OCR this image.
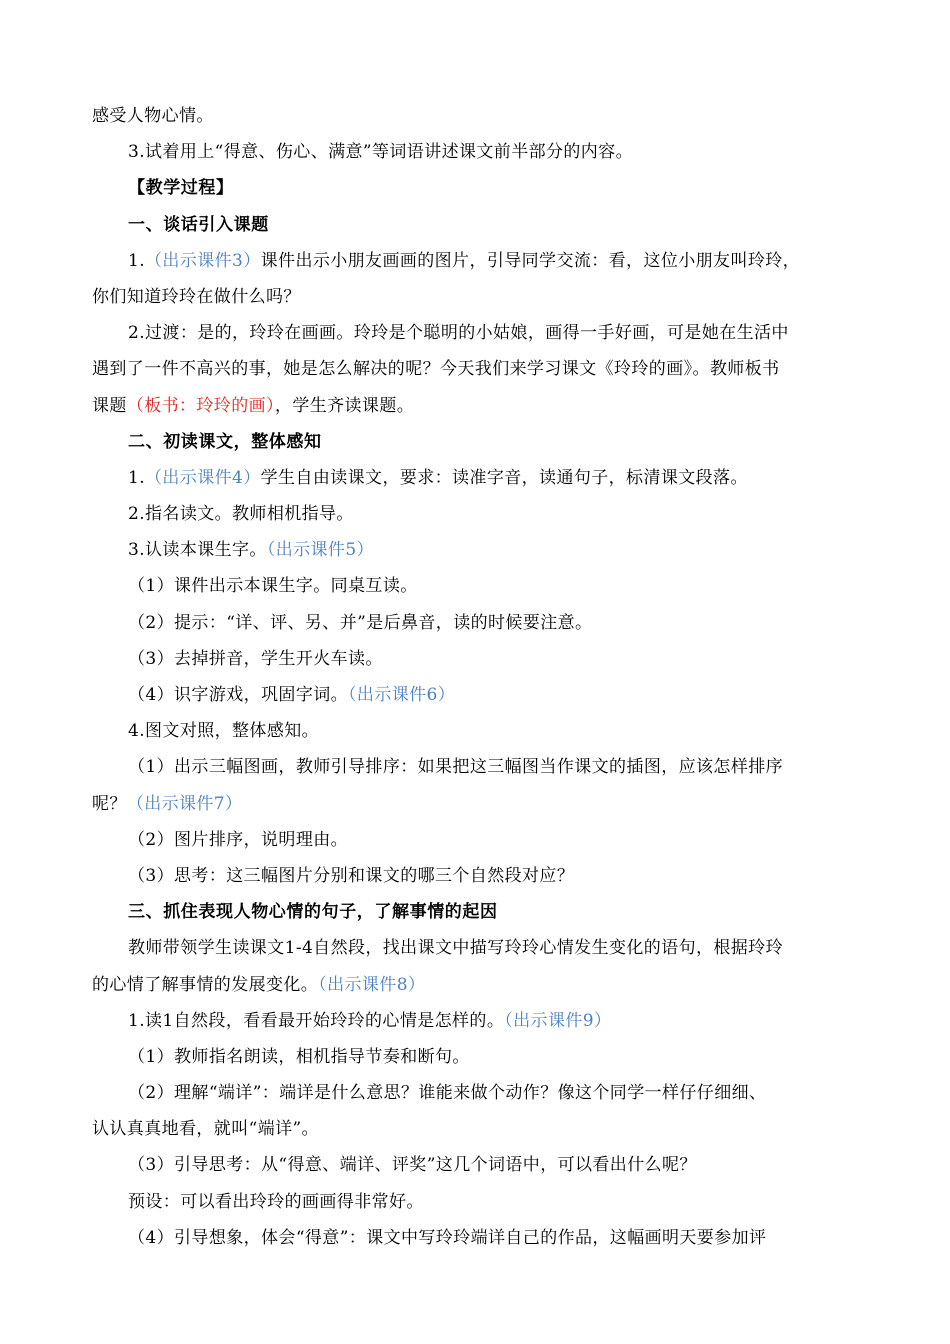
感受人物心情。
3.试着用上“得意、伤心、满意”等词语讲述课文前半部分的内容。
【教学过程】
一、谈话引入课题
1.（出示课件3）课件出示小朋友画画的图片，引导同学交流：看，这位小朋友叫玲玲，
你们知道玲玲在做什么吗？
2.过渡：是的，玲玲在画画。玲玲是个聪明的小姑娘，画得一手好画，可是她在生活中
遇到了一件不高兴的事，她是怎么解决的呢？今天我们来学习课文《玲玲的画》。教师板书
课题（板书：玲玲的画），学生齐读课题。
二、初读课文，整体感知
1.（出示课件4）学生自由读课文，要求：读准字音，读通句子，标清课文段落。
2.指名读文。教师相机指导。
3.认读本课生字。（出示课件5）
（1）课件出示本课生字。同桌互读。
（2）提示：“详、评、另、并”是后鼻音，读的时候要注意。
（3）去掉拼音，学生开火车读。
（4）识字游戏，巩固字词。（出示课件6）
4.图文对照，整体感知。
（1）出示三幅图画，教师引导排序：如果把这三幅图当作课文的插图，应该怎样排序
呢？（出示课件7）
（2）图片排序，说明理由。
（3）思考：这三幅图片分别和课文的哪三个自然段对应？
三、抓住表现人物心情的句子，了解事情的起因
教师带领学生读课文1-4自然段，找出课文中描写玲玲心情发生变化的语句，根据玲玲
的心情了解事情的发展变化。（出示课件8）
1.读1自然段，看看最开始玲玲的心情是怎样的。（出示课件9）
（1）教师指名朗读，相机指导节奏和断句。
（2）理解“端详”：端详是什么意思？谁能来做个动作？像这个同学一样仔仔细细、
认认真真地看，就叫“端详”。
（3）引导思考：从“得意、端详、评奖”这几个词语中，可以看出什么呢？
预设：可以看出玲玲的画画得非常好。
（4）引导想象，体会“得意”：课文中写玲玲端详自己的作品，这幅画明天要参加评
